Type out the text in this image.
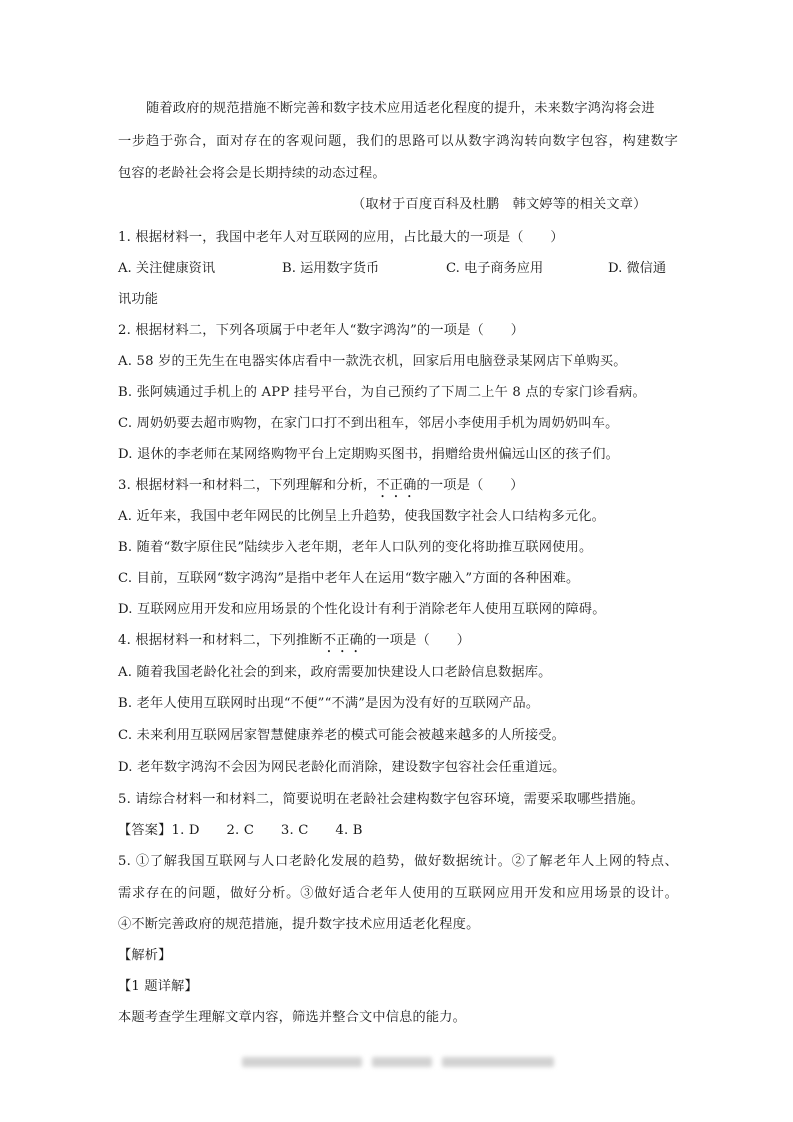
随着政府的规范措施不断完善和数字技术应用适老化程度的提升，未来数字鸿沟将会进
一步趋于弥合，面对存在的客观问题，我们的思路可以从数字鸿沟转向数字包容，构建数字
包容的老龄社会将会是长期持续的动态过程。
（取材于百度百科及杜鹏　韩文婷等的相关文章）
1. 根据材料一，我国中老年人对互联网的应用，占比最大的一项是（　　）
A. 关注健康资讯	B. 运用数字货币	C. 电子商务应用	D. 微信通
讯功能
2. 根据材料二，下列各项属于中老年人“数字鸿沟”的一项是（　　）
A. 58 岁的王先生在电器实体店看中一款洗衣机，回家后用电脑登录某网店下单购买。
B. 张阿姨通过手机上的 APP 挂号平台，为自己预约了下周二上午 8 点的专家门诊看病。
C. 周奶奶要去超市购物，在家门口打不到出租车，邻居小李使用手机为周奶奶叫车。
D. 退休的李老师在某网络购物平台上定期购买图书，捐赠给贵州偏远山区的孩子们。
3. 根据材料一和材料二，下列理解和分析，不正确的一项是（　　）
A. 近年来，我国中老年网民的比例呈上升趋势，使我国数字社会人口结构多元化。
B. 随着“数字原住民”陆续步入老年期，老年人口队列的变化将助推互联网使用。
C. 目前，互联网“数字鸿沟”是指中老年人在运用“数字融入”方面的各种困难。
D. 互联网应用开发和应用场景的个性化设计有利于消除老年人使用互联网的障碍。
4. 根据材料一和材料二，下列推断不正确的一项是（　　）
A. 随着我国老龄化社会的到来，政府需要加快建设人口老龄信息数据库。
B. 老年人使用互联网时出现“不便”“不满”是因为没有好的互联网产品。
C. 未来利用互联网居家智慧健康养老的模式可能会被越来越多的人所接受。
D. 老年数字鸿沟不会因为网民老龄化而消除，建设数字包容社会任重道远。
5. 请综合材料一和材料二，简要说明在老龄社会建构数字包容环境，需要采取哪些措施。
【答案】1. D　　2. C　　3. C　　4. B
5. ①了解我国互联网与人口老龄化发展的趋势，做好数据统计。②了解老年人上网的特点、
需求存在的问题，做好分析。③做好适合老年人使用的互联网应用开发和应用场景的设计。
④不断完善政府的规范措施，提升数字技术应用适老化程度。
【解析】
【1 题详解】
本题考查学生理解文章内容，筛选并整合文中信息的能力。
